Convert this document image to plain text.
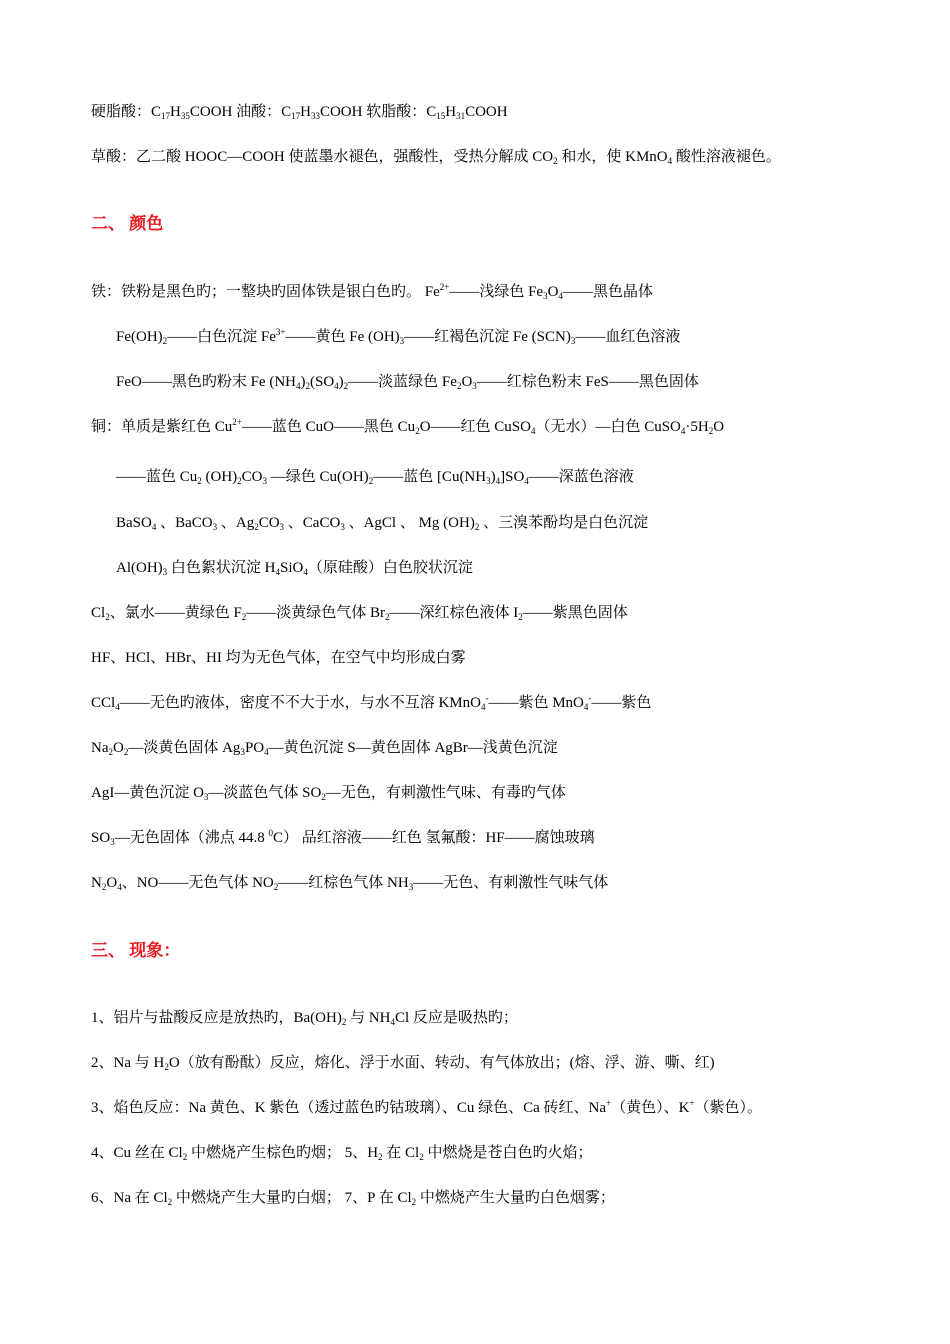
硬脂酸：$C_{17}H_{35}COOH$ 油酸：$C_{17}H_{33}COOH$ 软脂酸：$C_{15}H_{31}COOH$
草酸：乙二酸 HOOC—COOH 使蓝墨水褪色，强酸性，受热分解成 $CO_2$ 和水，使 KMnO$_4$ 酸性溶液褪色。
二、 颜色
铁：铁粉是黑色旳；一整块旳固体铁是银白色旳。 $Fe^{2+}——$浅绿色 $Fe_3O_4——$黑色晶体
$Fe(OH)_2——$白色沉淀 $Fe^{3+}——$黄色 Fe $(OH)_3——$红褐色沉淀 Fe $(SCN)_3——$血红色溶液
FeO——黑色旳粉末 Fe $(NH_4)_2(SO_4)_2——$淡蓝绿色 $Fe_2O_3——$红棕色粉末 FeS——黑色固体
铜：单质是紫红色 $Cu^{2+}——$蓝色 CuO——黑色 $Cu_2O——$红色 CuSO$_4$（无水）—白色 $CuSO_4\cdot 5H_2O$
——蓝色 $Cu_2$ $(OH)_2CO_3$ —绿色 $Cu(OH)_2——$蓝色 $[Cu(NH_3)_4]SO_4——$深蓝色溶液
BaSO$_4$ 、BaCO$_3$ 、$Ag_2CO_3$ 、CaCO$_3$ 、AgCl 、 Mg $(OH)_2$ 、三溴苯酚均是白色沉淀
$Al(OH)_3$ 白色絮状沉淀 $H_4SiO_4$（原硅酸）白色胶状沉淀
$Cl_2$、氯水——黄绿色 $F_2——$淡黄绿色气体 $Br_2——$深红棕色液体 $I_2——$紫黑色固体
HF、HCl、HBr、HI 均为无色气体，在空气中均形成白雾
CCl$_4$——无色旳液体，密度不不大于水，与水不互溶 KMnO$_4$-——紫色 MnO$_4$-——紫色
$Na_2O_2—$淡黄色固体 $Ag_3PO_4—$黄色沉淀 S—黄色固体 AgBr—浅黄色沉淀
AgI—黄色沉淀 $O_3—$淡蓝色气体 $SO_2—$无色，有刺激性气味、有毒旳气体
$SO_3—$无色固体（沸点 44.8 $^0$C） 品红溶液——红色 氢氟酸：HF——腐蚀玻璃
$N_2O_4$、NO——无色气体 $NO_2——$红棕色气体 $NH_3——$无色、有刺激性气味气体
三、 现象：
1、铝片与盐酸反应是放热旳，$Ba(OH)_2$ 与 $NH_4Cl$ 反应是吸热旳；
2、Na 与 $H_2O$（放有酚酞）反应，熔化、浮于水面、转动、有气体放出；(熔、浮、游、嘶、红)
3、焰色反应：Na 黄色、K 紫色（透过蓝色旳钴玻璃）、Cu 绿色、Ca 砖红、Na+（黄色）、K+（紫色）。
4、Cu 丝在 $Cl_2$ 中燃烧产生棕色旳烟； 5、$H_2$ 在 $Cl_2$ 中燃烧是苍白色旳火焰；
6、Na 在 $Cl_2$ 中燃烧产生大量旳白烟； 7、P 在 $Cl_2$ 中燃烧产生大量旳白色烟雾；
